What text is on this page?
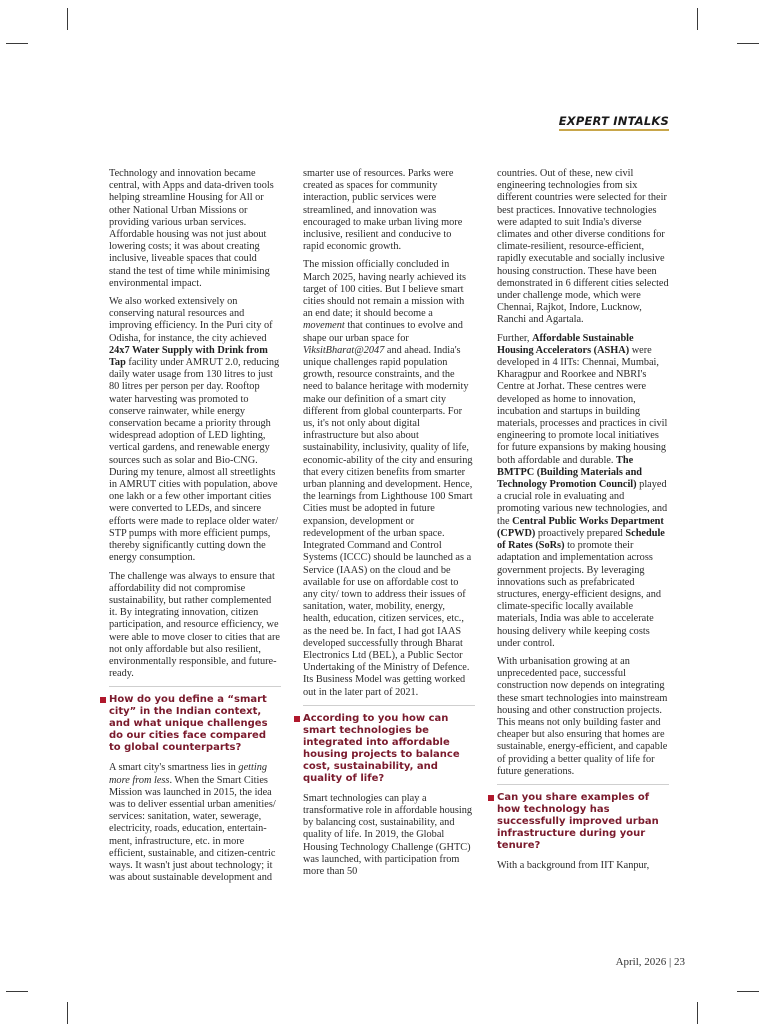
EXPERT INTALKS

Technology and innovation became central, with Apps and data-driven tools helping streamline Housing for All or other National Urban Missions or providing various urban services. Affordable housing was not just about lowering costs; it was about creating inclusive, liveable spaces that could stand the test of time while minimising environmental impact.

We also worked extensively on conserving natural resources and improving efficiency. In the Puri city of Odisha, for instance, the city achieved 24x7 Water Supply with Drink from Tap facility under AMRUT 2.0, reducing daily water usage from 130 litres to just 80 litres per person per day. Rooftop water harvesting was promoted to conserve rainwater, while energy conservation became a priority through widespread adoption of LED lighting, vertical gardens, and renewable energy sources such as solar and Bio-CNG. During my tenure, almost all streetlights in AMRUT cities with population, above one lakh or a few other important cities were converted to LEDs, and sincere efforts were made to replace older water/ STP pumps with more efficient pumps, thereby significantly cutting down the energy consumption.

The challenge was always to ensure that affordability did not compromise sustainability, but rather complemented it. By integrating innovation, citizen participation, and resource efficiency, we were able to move closer to cities that are not only affordable but also resilient, environmentally responsible, and future-ready.

How do you define a “smart city” in the Indian context, and what unique challenges do our cities face compared to global counterparts?

A smart city's smartness lies in getting more from less. When the Smart Cities Mission was launched in 2015, the idea was to deliver essential urban amenities/ services: sanitation, water, sewerage, electricity, roads, education, entertain-ment, infrastructure, etc. in more efficient, sustainable, and citizen-centric ways. It wasn't just about technology; it was about sustainable development and

smarter use of resources. Parks were created as spaces for community interaction, public services were streamlined, and innovation was encouraged to make urban living more inclusive, resilient and conducive to rapid economic growth.

The mission officially concluded in March 2025, having nearly achieved its target of 100 cities. But I believe smart cities should not remain a mission with an end date; it should become a movement that continues to evolve and shape our urban space for ViksitBharat@2047 and ahead. India's unique challenges rapid population growth, resource constraints, and the need to balance heritage with modernity make our definition of a smart city different from global counterparts. For us, it's not only about digital infrastructure but also about sustainability, inclusivity, quality of life, economic-ability of the city and ensuring that every citizen benefits from smarter urban planning and development. Hence, the learnings from Lighthouse 100 Smart Cities must be adopted in future expansion, development or redevelopment of the urban space. Integrated Command and Control Systems (ICCC) should be launched as a Service (IAAS) on the cloud and be available for use on affordable cost to any city/ town to address their issues of sanitation, water, mobility, energy, health, education, citizen services, etc., as the need be. In fact, I had got IAAS developed successfully through Bharat Electronics Ltd (BEL), a Public Sector Undertaking of the Ministry of Defence. Its Business Model was getting worked out in the later part of 2021.

According to you how can smart technologies be integrated into affordable housing projects to balance cost, sustainability, and quality of life?

Smart technologies can play a transformative role in affordable housing by balancing cost, sustainability, and quality of life. In 2019, the Global Housing Technology Challenge (GHTC) was launched, with participation from more than 50

countries. Out of these, new civil engineering technologies from six different countries were selected for their best practices. Innovative technologies were adapted to suit India's diverse climates and other diverse conditions for climate-resilient, resource-efficient, rapidly executable and socially inclusive housing construction. These have been demonstrated in 6 different cities selected under challenge mode, which were Chennai, Rajkot, Indore, Lucknow, Ranchi and Agartala.

Further, Affordable Sustainable Housing Accelerators (ASHA) were developed in 4 IITs: Chennai, Mumbai, Kharagpur and Roorkee and NBRI's Centre at Jorhat. These centres were developed as home to innovation, incubation and startups in building materials, processes and practices in civil engineering to promote local initiatives for future expansions by making housing both affordable and durable. The BMTPC (Building Materials and Technology Promotion Council) played a crucial role in evaluating and promoting various new technologies, and the Central Public Works Department (CPWD) proactively prepared Schedule of Rates (SoRs) to promote their adaptation and implementation across government projects. By leveraging innovations such as prefabricated structures, energy-efficient designs, and climate-specific locally available materials, India was able to accelerate housing delivery while keeping costs under control.

With urbanisation growing at an unprecedented pace, successful construction now depends on integrating these smart technologies into mainstream housing and other construction projects. This means not only building faster and cheaper but also ensuring that homes are sustainable, energy-efficient, and capable of providing a better quality of life for future generations.

Can you share examples of how technology has successfully improved urban infrastructure during your tenure?

With a background from IIT Kanpur,

April, 2026 | 23
